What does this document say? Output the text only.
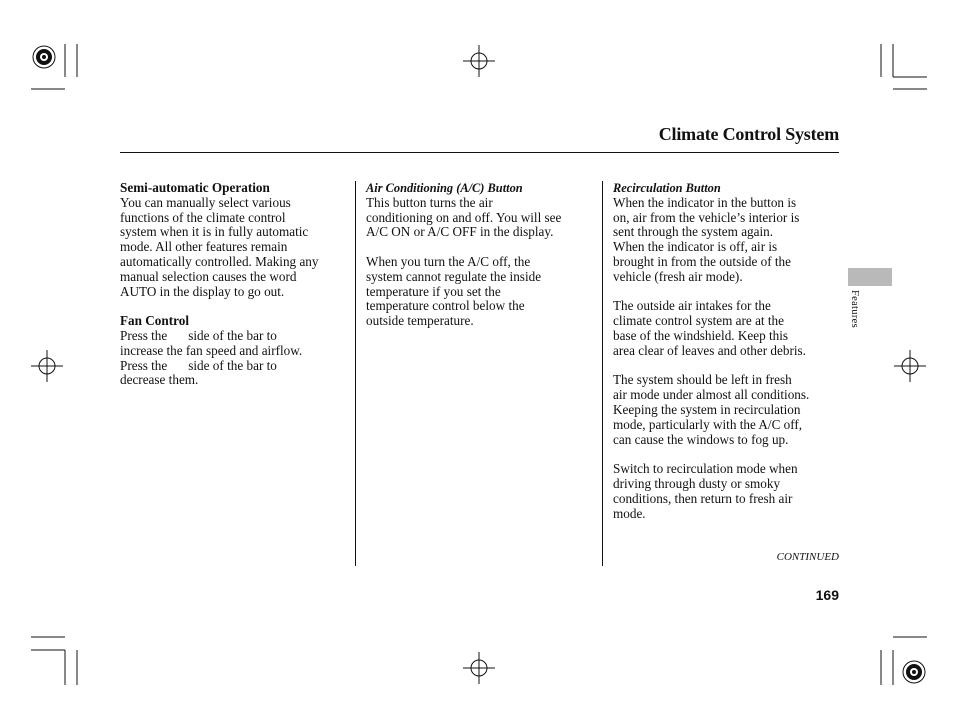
Climate Control System
Features

Semi-automatic Operation
You can manually select various
functions of the climate control
system when it is in fully automatic
mode. All other features remain
automatically controlled. Making any
manual selection causes the word
AUTO in the display to go out.

Fan Control
Press the side of the bar to
increase the fan speed and airflow.
Press the side of the bar to
decrease them.

Air Conditioning (A/C) Button
This button turns the air
conditioning on and off. You will see
A/C ON or A/C OFF in the display.

When you turn the A/C off, the
system cannot regulate the inside
temperature if you set the
temperature control below the
outside temperature.

Recirculation Button
When the indicator in the button is
on, air from the vehicle’s interior is
sent through the system again.
When the indicator is off, air is
brought in from the outside of the
vehicle (fresh air mode).

The outside air intakes for the
climate control system are at the
base of the windshield. Keep this
area clear of leaves and other debris.

The system should be left in fresh
air mode under almost all conditions.
Keeping the system in recirculation
mode, particularly with the A/C off,
can cause the windows to fog up.

Switch to recirculation mode when
driving through dusty or smoky
conditions, then return to fresh air
mode.

CONTINUED
169
